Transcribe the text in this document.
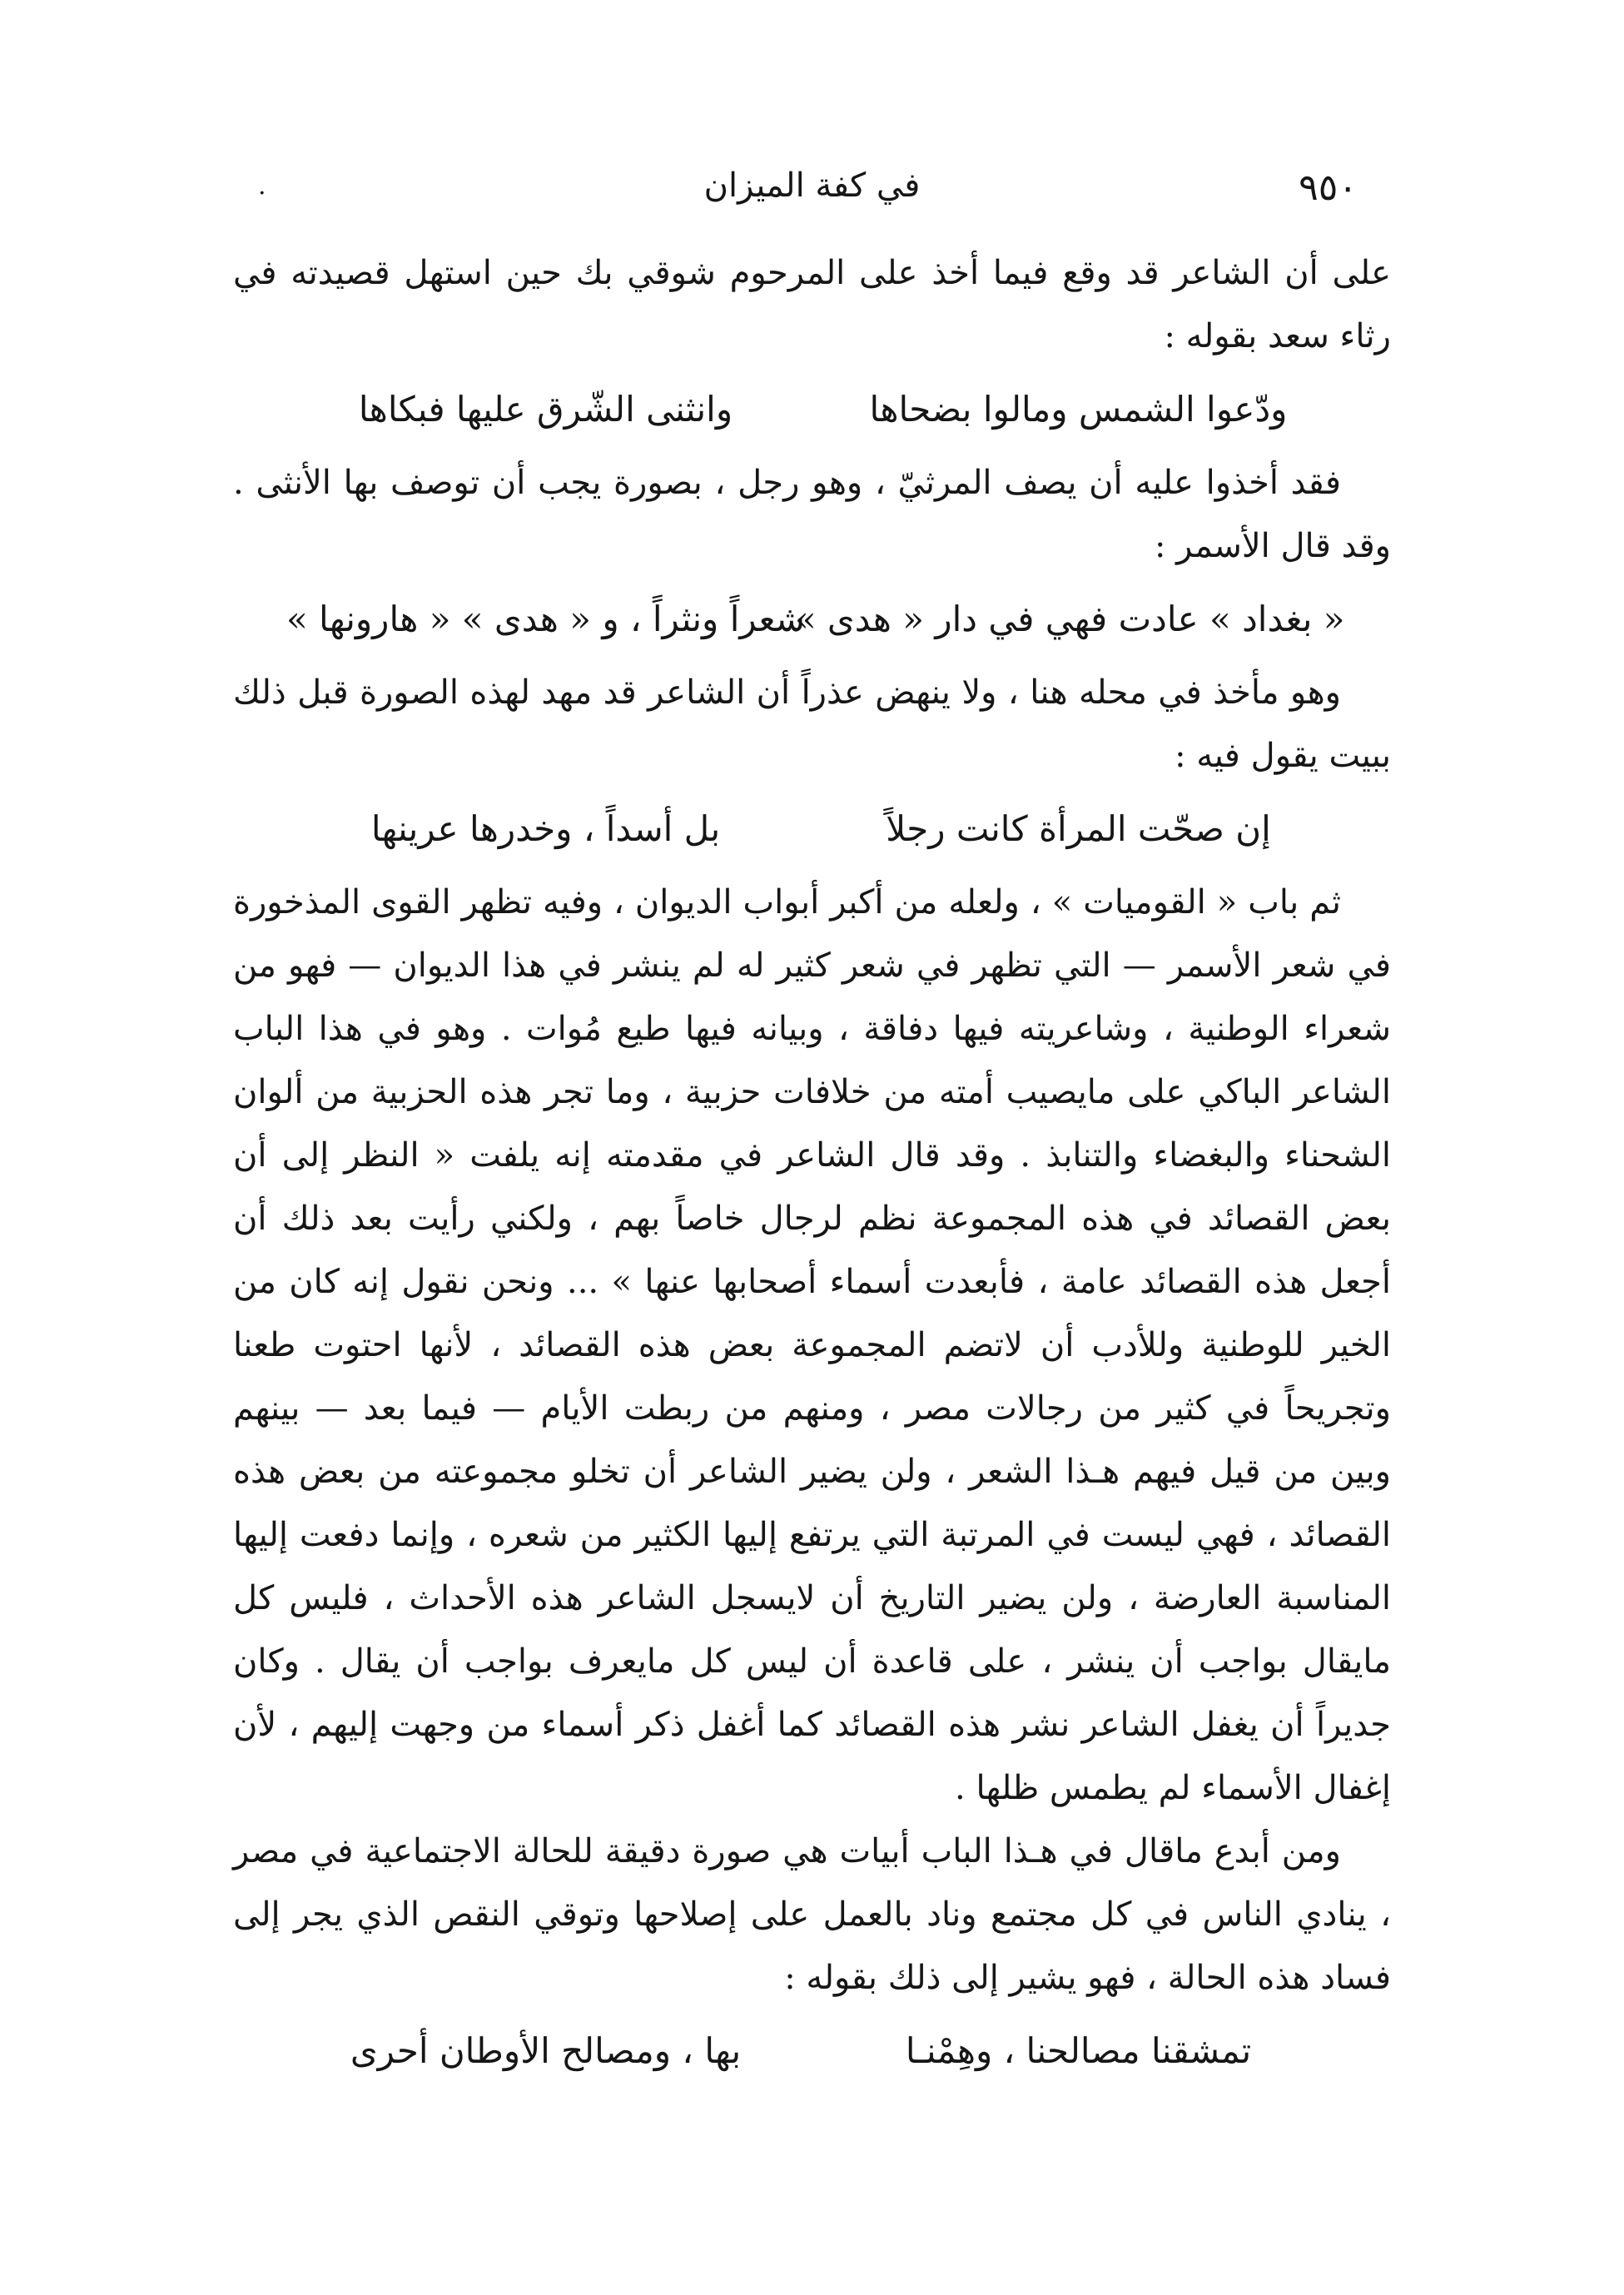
٩٥٠
في كفة الميزان
.

على أن الشاعر قد وقع فيما أخذ على المرحوم شوقي بك حين استهل قصيدته في رثاء سعد بقوله :

ودّعوا الشمس ومالوا بضحاها
وانثنى الشّرق عليها فبكاها

فقد أخذوا عليه أن يصف المرثيّ ، وهو رجل ، بصورة يجب أن توصف بها الأنثى . وقد قال الأسمر :

« بغداد » عادت فهي في دار « هدى »
شعراً ونثراً ، و « هدى » « هارونها »

وهو مأخذ في محله هنا ، ولا ينهض عذراً أن الشاعر قد مهد لهذه الصورة قبل ذلك ببيت يقول فيه :

إن صحّت المرأة كانت رجلاً
بل أسداً ، وخدرها عرينها

ثم باب « القوميات » ، ولعله من أكبر أبواب الديوان ، وفيه تظهر القوى المذخورة في شعر الأسمر — التي تظهر في شعر كثير له لم ينشر في هذا الديوان — فهو من شعراء الوطنية ، وشاعريته فيها دفاقة ، وبيانه فيها طيع مُوات . وهو في هذا الباب الشاعر الباكي على مايصيب أمته من خلافات حزبية ، وما تجر هذه الحزبية من ألوان الشحناء والبغضاء والتنابذ . وقد قال الشاعر في مقدمته إنه يلفت « النظر إلى أن بعض القصائد في هذه المجموعة نظم لرجال خاصاً بهم ، ولكني رأيت بعد ذلك أن أجعل هذه القصائد عامة ، فأبعدت أسماء أصحابها عنها » ... ونحن نقول إنه كان من الخير للوطنية وللأدب أن لاتضم المجموعة بعض هذه القصائد ، لأنها احتوت طعنا وتجريحاً في كثير من رجالات مصر ، ومنهم من ربطت الأيام — فيما بعد — بينهم وبين من قيل فيهم هـذا الشعر ، ولن يضير الشاعر أن تخلو مجموعته من بعض هذه القصائد ، فهي ليست في المرتبة التي يرتفع إليها الكثير من شعره ، وإنما دفعت إليها المناسبة العارضة ، ولن يضير التاريخ أن لايسجل الشاعر هذه الأحداث ، فليس كل مايقال بواجب أن ينشر ، على قاعدة أن ليس كل مايعرف بواجب أن يقال . وكان جديراً أن يغفل الشاعر نشر هذه القصائد كما أغفل ذكر أسماء من وجهت إليهم ، لأن إغفال الأسماء لم يطمس ظلها .

ومن أبدع ماقال في هـذا الباب أبيات هي صورة دقيقة للحالة الاجتماعية في مصر ، ينادي الناس في كل مجتمع وناد بالعمل على إصلاحها وتوقي النقص الذي يجر إلى فساد هذه الحالة ، فهو يشير إلى ذلك بقوله :

تمشقنا مصالحنا ، وهِمْنـا
بها ، ومصالح الأوطان أحرى
